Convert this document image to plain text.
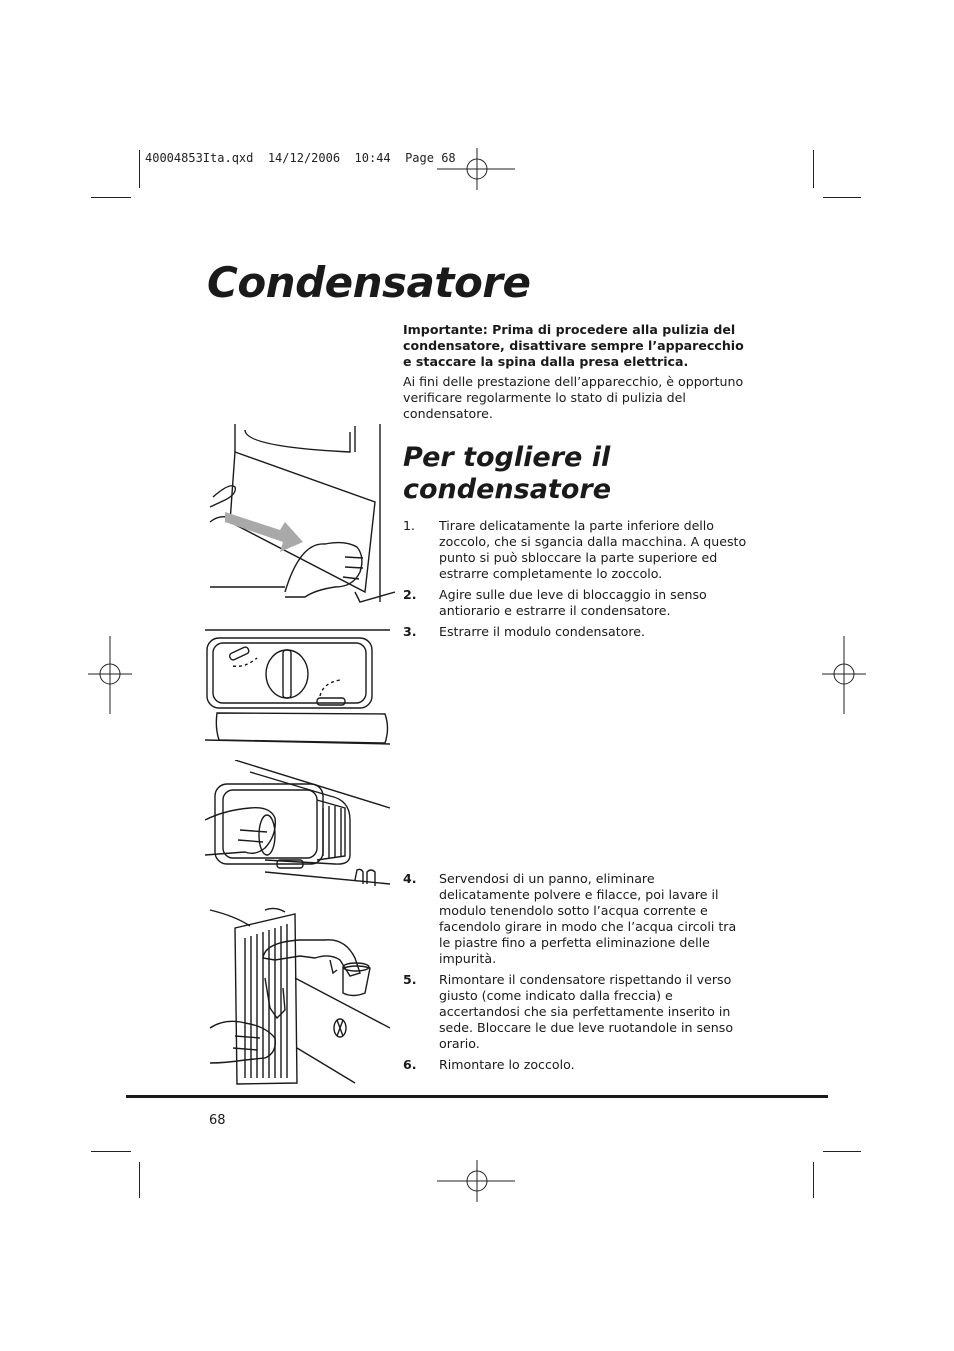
40004853Ita.qxd  14/12/2006  10:44  Page 68
Condensatore
Importante: Prima di procedere alla pulizia del condensatore, disattivare sempre l’apparecchio e staccare la spina dalla presa elettrica.
Ai fini delle prestazione dell’apparecchio, è opportuno verificare regolarmente lo stato di pulizia del condensatore.
Per togliere il
condensatore
1. Tirare delicatamente la parte inferiore dello zoccolo, che si sgancia dalla macchina. A questo punto si può sbloccare la parte superiore ed estrarre completamente lo zoccolo.
2. Agire sulle due leve di bloccaggio in senso antiorario e estrarre il condensatore.
3. Estrarre il modulo condensatore.
4. Servendosi di un panno, eliminare delicatamente polvere e filacce, poi lavare il modulo tenendolo sotto l’acqua corrente e facendolo girare in modo che l’acqua circoli tra le piastre fino a perfetta eliminazione delle impurità.
5. Rimontare il condensatore rispettando il verso giusto (come indicato dalla freccia) e accertandosi che sia perfettamente inserito in sede. Bloccare le due leve ruotandole in senso orario.
6. Rimontare lo zoccolo.
68
